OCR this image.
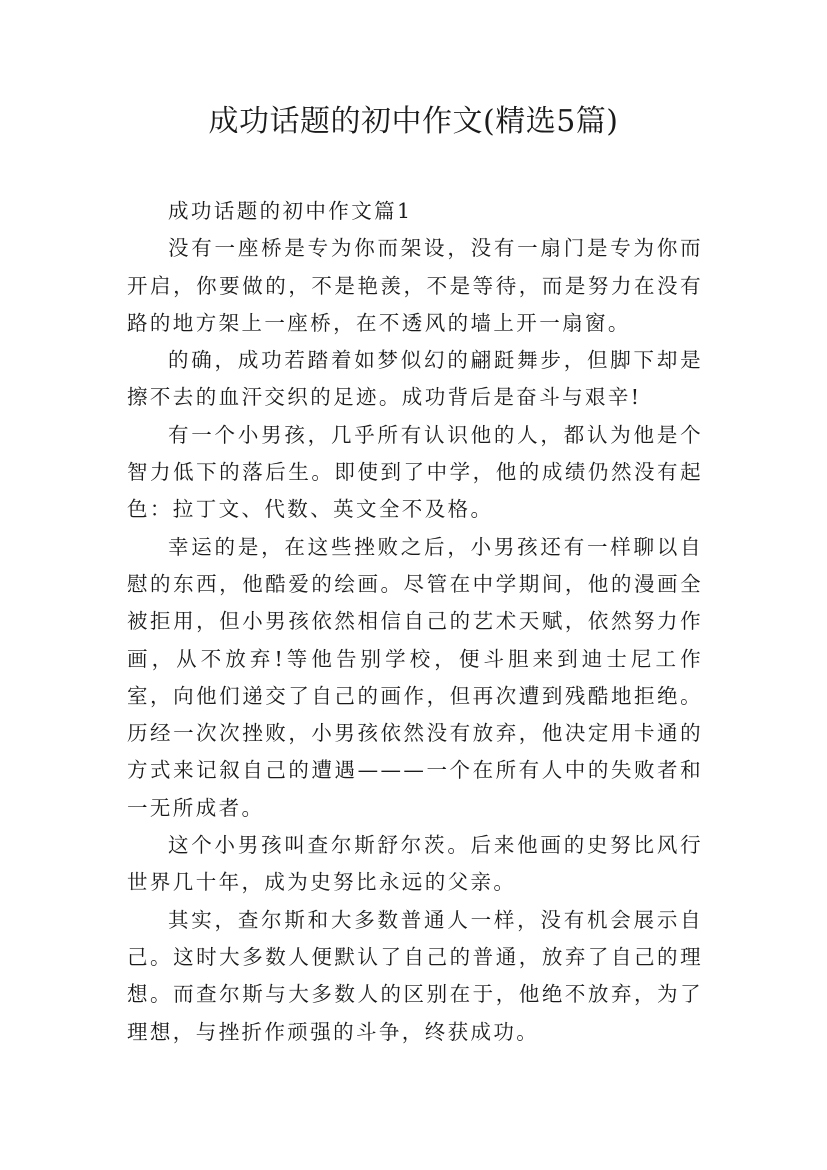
成功话题的初中作文(精选5篇)

成功话题的初中作文篇1

没有一座桥是专为你而架设，没有一扇门是专为你而开启，你要做的，不是艳羡，不是等待，而是努力在没有路的地方架上一座桥，在不透风的墙上开一扇窗。

的确，成功若踏着如梦似幻的翩跹舞步，但脚下却是擦不去的血汗交织的足迹。成功背后是奋斗与艰辛!

有一个小男孩，几乎所有认识他的人，都认为他是个智力低下的落后生。即使到了中学，他的成绩仍然没有起色：拉丁文、代数、英文全不及格。

幸运的是，在这些挫败之后，小男孩还有一样聊以自慰的东西，他酷爱的绘画。尽管在中学期间，他的漫画全被拒用，但小男孩依然相信自己的艺术天赋，依然努力作画，从不放弃!等他告别学校，便斗胆来到迪士尼工作室，向他们递交了自己的画作，但再次遭到残酷地拒绝。历经一次次挫败，小男孩依然没有放弃，他决定用卡通的方式来记叙自己的遭遇———一个在所有人中的失败者和一无所成者。

这个小男孩叫查尔斯舒尔茨。后来他画的史努比风行世界几十年，成为史努比永远的父亲。

其实，查尔斯和大多数普通人一样，没有机会展示自己。这时大多数人便默认了自己的普通，放弃了自己的理想。而查尔斯与大多数人的区别在于，他绝不放弃，为了理想，与挫折作顽强的斗争，终获成功。
